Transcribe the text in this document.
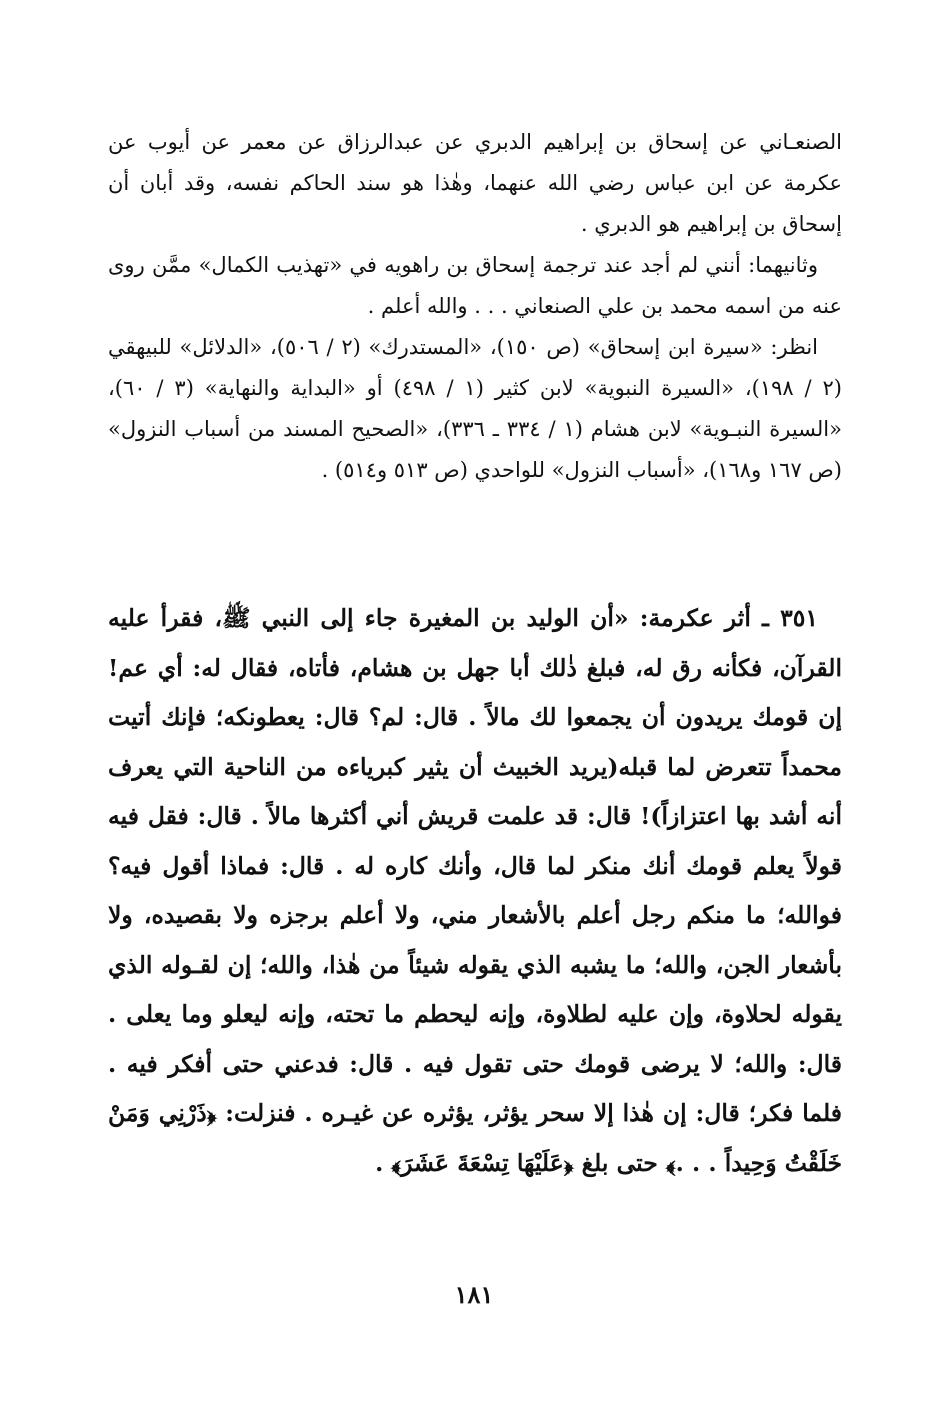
الصنعـاني عن إسحاق بن إبراهيم الدبري عن عبدالرزاق عن معمر عن أيوب عن عكرمة عن ابن عباس رضي الله عنهما، وهٰذا هو سند الحاكم نفسه، وقد أبان أن إسحاق بن إبراهيم هو الدبري .

وثانيهما: أنني لم أجد عند ترجمة إسحاق بن راهويه في «تهذيب الكمال» ممَّن روى عنه من اسمه محمد بن علي الصنعاني . . . والله أعلم .

انظر: «سيرة ابن إسحاق» (ص ١٥٠)، «المستدرك» (٢ / ٥٠٦)، «الدلائل» للبيهقي (٢ / ١٩٨)، «السيرة النبوية» لابن كثير (١ / ٤٩٨) أو «البداية والنهاية» (٣ / ٦٠)، «السيرة النبـوية» لابن هشام (١ / ٣٣٤ ـ ٣٣٦)، «الصحيح المسند من أسباب النزول» (ص ١٦٧ و١٦٨)، «أسباب النزول» للواحدي (ص ٥١٣ و٥١٤) .

٣٥١ ـ أثر عكرمة: «أن الوليد بن المغيرة جاء إلى النبي ﷺ، فقرأ عليه القرآن، فكأنه رق له، فبلغ ذٰلك أبا جهل بن هشام، فأتاه، فقال له: أي عم! إن قومك يريدون أن يجمعوا لك مالاً . قال: لم؟ قال: يعطونكه؛ فإنك أتيت محمداً تتعرض لما قبله(يريد الخبيث أن يثير كبرياءه من الناحية التي يعرف أنه أشد بها اعتزازاً)! قال: قد علمت قريش أني أكثرها مالاً . قال: فقل فيه قولاً يعلم قومك أنك منكر لما قال، وأنك كاره له . قال: فماذا أقول فيه؟ فوالله؛ ما منكم رجل أعلم بالأشعار مني، ولا أعلم برجزه ولا بقصيده، ولا بأشعار الجن، والله؛ ما يشبه الذي يقوله شيئاً من هٰذا، والله؛ إن لقـوله الذي يقوله لحلاوة، وإن عليه لطلاوة، وإنه ليحطم ما تحته، وإنه ليعلو وما يعلى . قال: والله؛ لا يرضى قومك حتى تقول فيه . قال: فدعني حتى أفكر فيه . فلما فكر؛ قال: إن هٰذا إلا سحر يؤثر، يؤثره عن غيـره . فنزلت: ﴿ذَرْنِي وَمَنْ خَلَقْتُ وَحِيداً . . .﴾ حتى بلغ ﴿عَلَيْهَا تِسْعَةَ عَشَرَ﴾ .

١٨١
